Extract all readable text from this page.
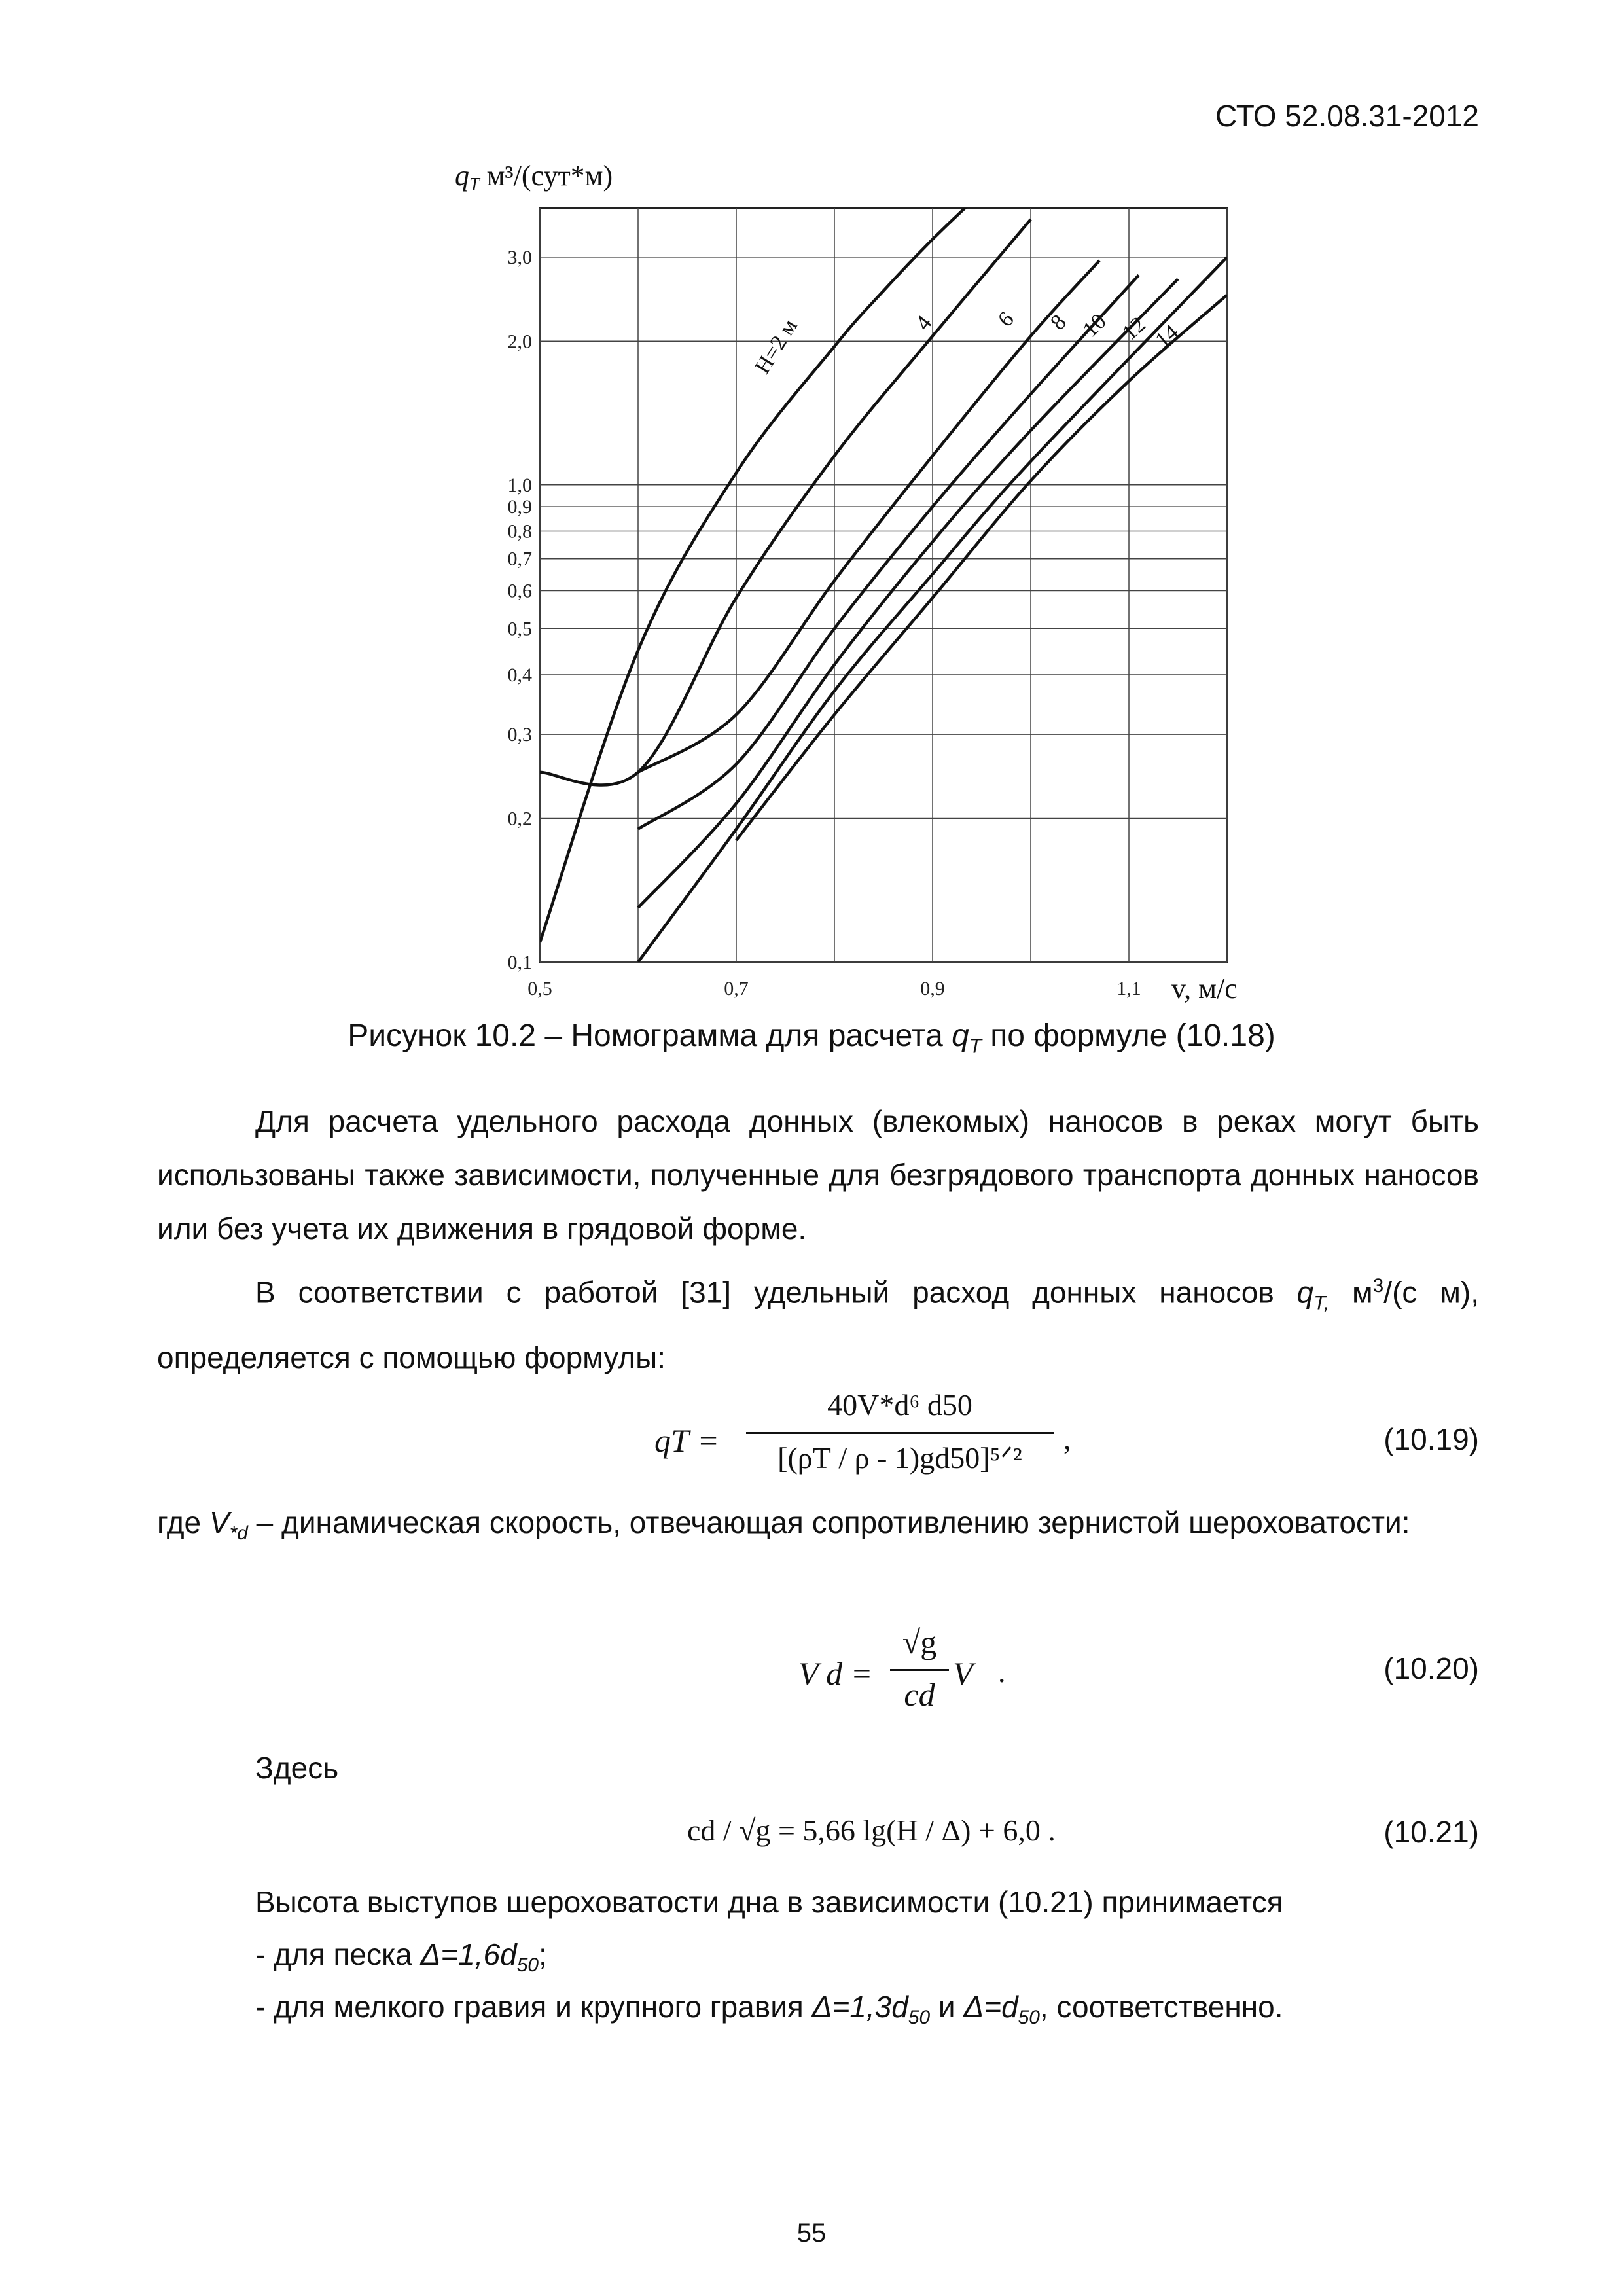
СТО 52.08.31-2012
0,1
0,2
0,3
0,4
0,5
0,6
0,7
0,8
0,9
1,0
2,0
3,0
0,5	0,7	0,9	1,1
H=2 м	4	6 8 10 12 14
qТ м³/(сут*м)
v, м/с
Рисунок 10.2 – Номограмма для расчета $q_Т$ по формуле (10.18)
Для расчета удельного расхода донных (влекомых) наносов в реках могут быть использованы также зависимости, полученные для безгрядового транспорта донных наносов или без учета их движения в грядовой форме.
В соответствии с работой [31] удельный расход донных наносов $q_{Т,}$ $м^3/(с$ м), определяется с помощью формулы:
qТ =
40V*d⁶ d50
[(ρТ / ρ - 1)gd50]⁵ᐟ²
,	(10.19)
где $V_{*d}$ – динамическая скорость, отвечающая сопротивлению зернистой шероховатости:
V d =
√g
cd
V .	(10.20)
Здесь
cd / √g = 5,66 lg(H / Δ) + 6,0 .	(10.21)
Высота выступов шероховатости дна в зависимости (10.21) принимается
- для песка $\Delta=1,6d_{50}$;
- для мелкого гравия и крупного гравия $\Delta=1,3d_{50}$ и $\Delta=d_{50}$, соответственно.
55
